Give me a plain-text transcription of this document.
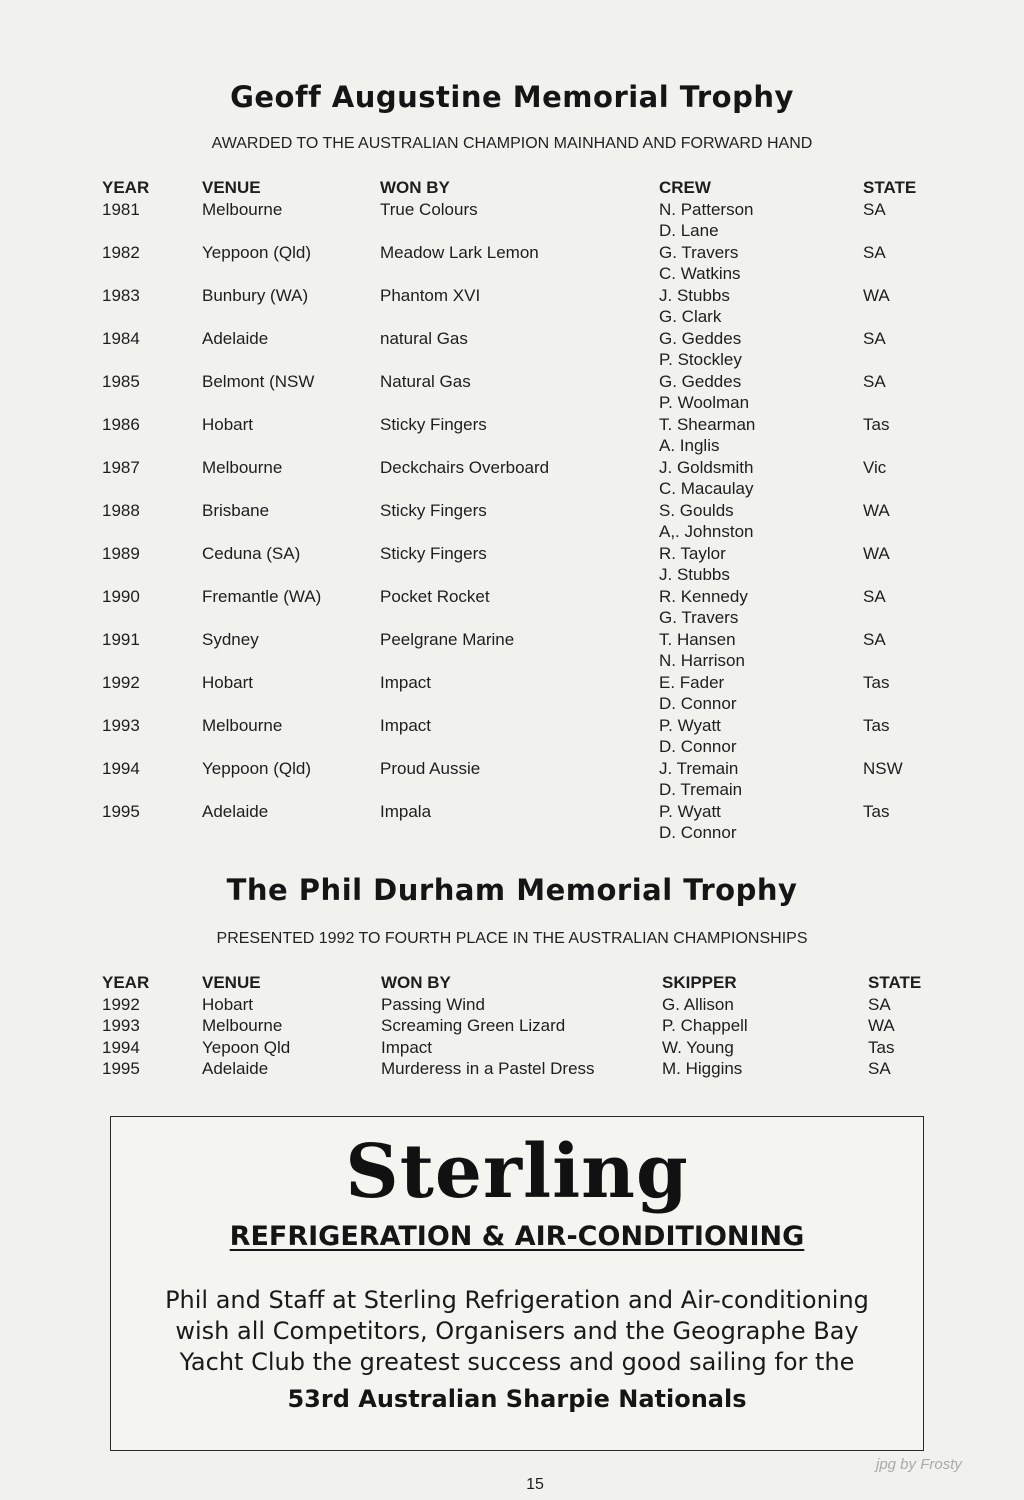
Geoff Augustine Memorial Trophy
AWARDED TO THE AUSTRALIAN CHAMPION MAINHAND AND FORWARD HAND
YEAR	VENUE	WON BY	CREW	STATE
1981	Melbourne	True Colours	N. Patterson	SA
D. Lane
1982	Yeppoon (Qld)	Meadow Lark Lemon	G. Travers	SA
C. Watkins
1983	Bunbury (WA)	Phantom XVI	J. Stubbs	WA
G. Clark
1984	Adelaide	natural Gas	G. Geddes	SA
P. Stockley
1985	Belmont (NSW	Natural Gas	G. Geddes	SA
P. Woolman
1986	Hobart	Sticky Fingers	T. Shearman	Tas
A. Inglis
1987	Melbourne	Deckchairs Overboard	J. Goldsmith	Vic
C. Macaulay
1988	Brisbane	Sticky Fingers	S. Goulds	WA
A,. Johnston
1989	Ceduna (SA)	Sticky Fingers	R. Taylor	WA
J. Stubbs
1990	Fremantle (WA)	Pocket Rocket	R. Kennedy	SA
G. Travers
1991	Sydney	Peelgrane Marine	T. Hansen	SA
N. Harrison
1992	Hobart	Impact	E. Fader	Tas
D. Connor
1993	Melbourne	Impact	P. Wyatt	Tas
D. Connor
1994	Yeppoon (Qld)	Proud Aussie	J. Tremain	NSW
D. Tremain
1995	Adelaide	Impala	P. Wyatt	Tas
D. Connor
The Phil Durham Memorial Trophy
PRESENTED 1992 TO FOURTH PLACE IN THE AUSTRALIAN CHAMPIONSHIPS
YEAR	VENUE	WON BY	SKIPPER	STATE
1992	Hobart	Passing Wind	G. Allison	SA
1993	Melbourne	Screaming Green Lizard	P. Chappell	WA
1994	Yepoon Qld	Impact	W. Young	Tas
1995	Adelaide	Murderess in a Pastel Dress	M. Higgins	SA
Sterling
REFRIGERATION & AIR-CONDITIONING
Phil and Staff at Sterling Refrigeration and Air-conditioning
wish all Competitors, Organisers and the Geographe Bay
Yacht Club the greatest success and good sailing for the
53rd Australian Sharpie Nationals
15
jpg by Frosty
